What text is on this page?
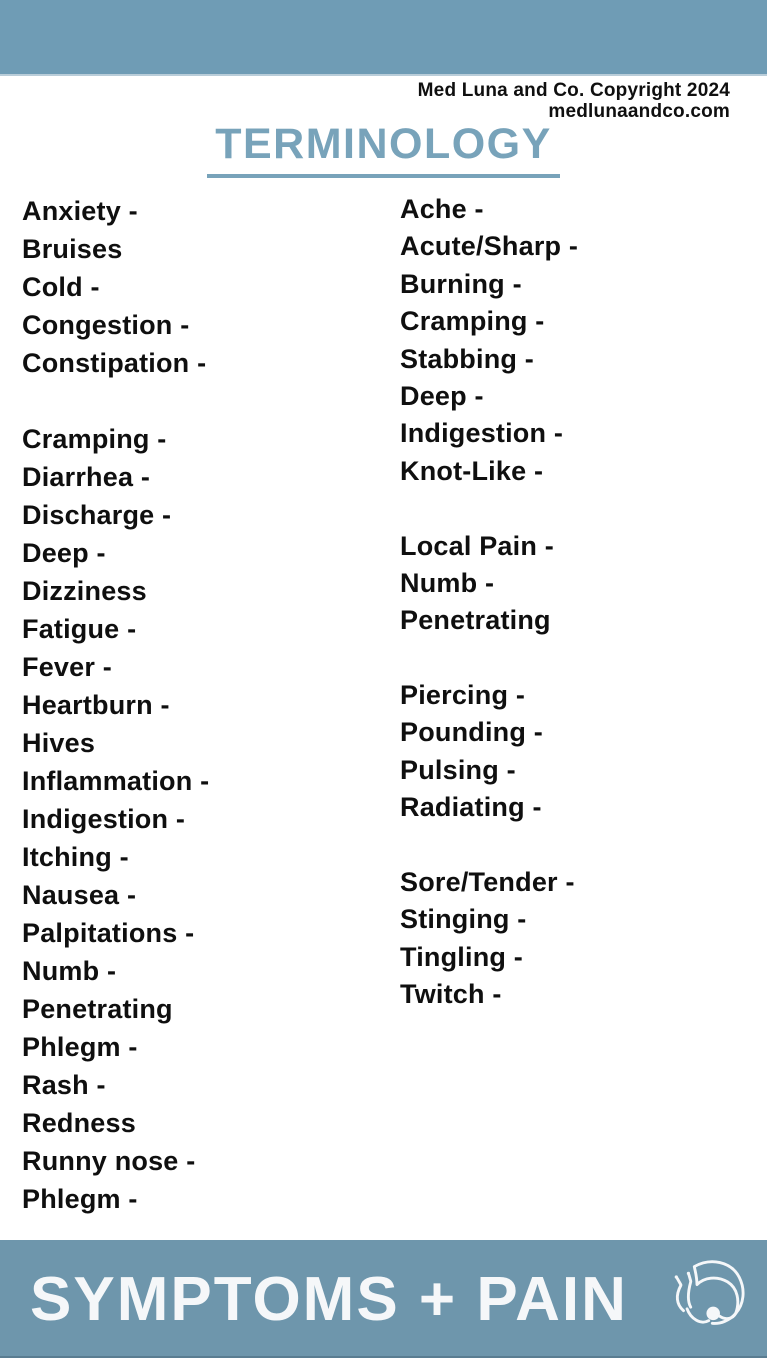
Med Luna and Co. Copyright 2024
medlunaandco.com
TERMINOLOGY
Anxiety -
Bruises
Cold -
Congestion -
Constipation -
Cramping -
Diarrhea -
Discharge -
Deep -
Dizziness
Fatigue -
Fever -
Heartburn -
Hives
Inflammation -
Indigestion -
Itching -
Nausea -
Palpitations -
Numb -
Penetrating
Phlegm -
Rash -
Redness
Runny nose -
Phlegm -
Ache -
Acute/Sharp -
Burning -
Cramping -
Stabbing -
Deep -
Indigestion -
Knot-Like -
Local Pain -
Numb -
Penetrating
Piercing -
Pounding -
Pulsing -
Radiating -
Sore/Tender -
Stinging -
Tingling -
Twitch -
SYMPTOMS + PAIN
